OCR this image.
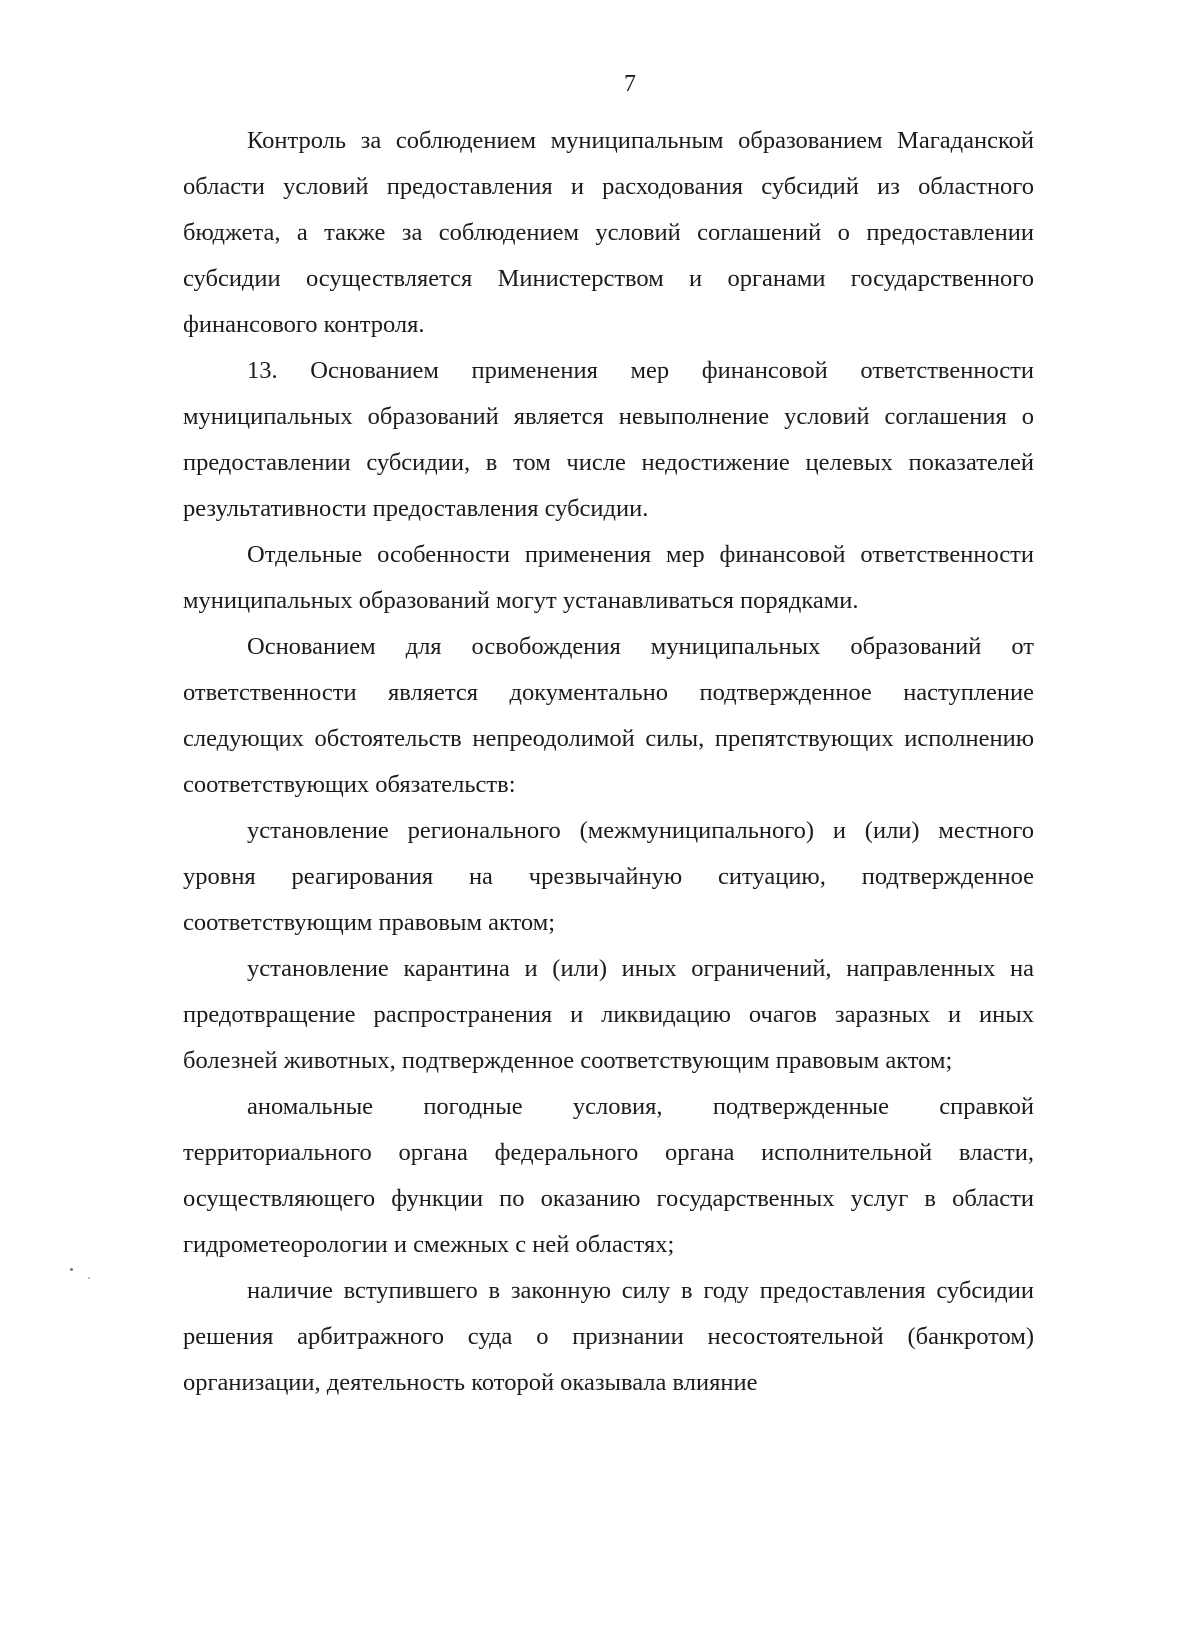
7

Контроль за соблюдением муниципальным образованием Магаданской области условий предоставления и расходования субсидий из областного бюджета, а также за соблюдением условий соглашений о предоставлении субсидии осуществляется Министерством и органами государственного финансового контроля.

13. Основанием применения мер финансовой ответственности муниципальных образований является невыполнение условий соглашения о предоставлении субсидии, в том числе недостижение целевых показателей результативности предоставления субсидии.

Отдельные особенности применения мер финансовой ответственности муниципальных образований могут устанавливаться порядками.

Основанием для освобождения муниципальных образований от ответственности является документально подтвержденное наступление следующих обстоятельств непреодолимой силы, препятствующих исполнению соответствующих обязательств:

установление регионального (межмуниципального) и (или) местного уровня реагирования на чрезвычайную ситуацию, подтвержденное соответствующим правовым актом;

установление карантина и (или) иных ограничений, направленных на предотвращение распространения и ликвидацию очагов заразных и иных болезней животных, подтвержденное соответствующим правовым актом;

аномальные погодные условия, подтвержденные справкой территориального органа федерального органа исполнительной власти, осуществляющего функции по оказанию государственных услуг в области гидрометеорологии и смежных с ней областях;

наличие вступившего в законную силу в году предоставления субсидии решения арбитражного суда о признании несостоятельной (банкротом) организации, деятельность которой оказывала влияние
